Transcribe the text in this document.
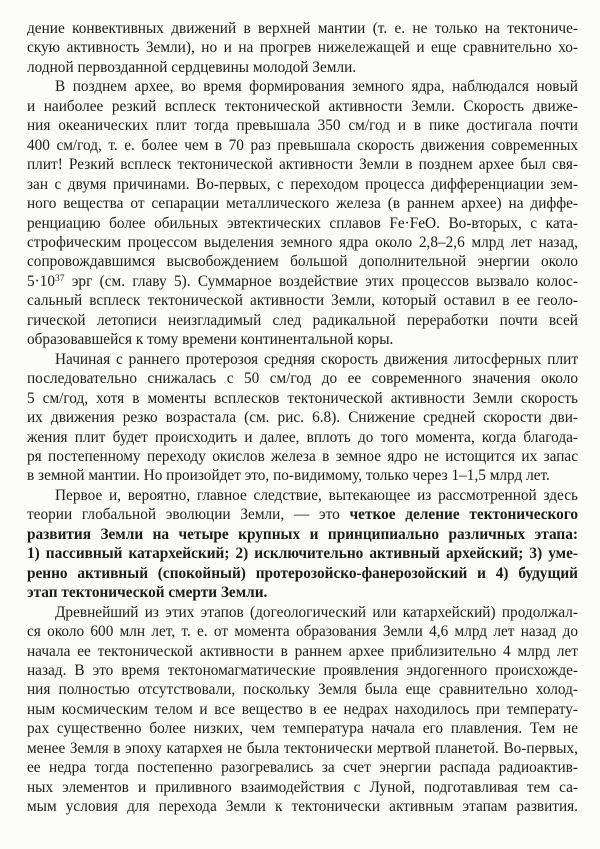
дение конвективных движений в верхней мантии (т. е. не только на тектониче-
скую активность Земли), но и на прогрев нижележащей и еще сравнительно хо-
лодной первозданной сердцевины молодой Земли.
В позднем архее, во время формирования земного ядра, наблюдался новый
и наиболее резкий всплеск тектонической активности Земли. Скорость движе-
ния океанических плит тогда превышала 350 см/год и в пике достигала почти
400 см/год, т. е. более чем в 70 раз превышала скорость движения современных
плит! Резкий всплеск тектонической активности Земли в позднем архее был свя-
зан с двумя причинами. Во-первых, с переходом процесса дифференциации зем-
ного вещества от сепарации металлического железа (в раннем архее) на диффе-
ренциацию более обильных эвтектических сплавов Fe·FeO. Во-вторых, с ката-
строфическим процессом выделения земного ядра около 2,8–2,6 млрд лет назад,
сопровождавшимся высвобождением большой дополнительной энергии около
$5\cdot 10^{37}$ эрг (см. главу 5). Суммарное воздействие этих процессов вызвало колос-
сальный всплеск тектонической активности Земли, который оставил в ее геоло-
гической летописи неизгладимый след радикальной переработки почти всей
образовавшейся к тому времени континентальной коры.
Начиная с раннего протерозоя средняя скорость движения литосферных плит
последовательно снижалась с 50 см/год до ее современного значения около
5 см/год, хотя в моменты всплесков тектонической активности Земли скорость
их движения резко возрастала (см. рис. 6.8). Снижение средней скорости дви-
жения плит будет происходить и далее, вплоть до того момента, когда благода-
ря постепенному переходу окислов железа в земное ядро не истощится их запас
в земной мантии. Но произойдет это, по-видимому, только через 1–1,5 млрд лет.
Первое и, вероятно, главное следствие, вытекающее из рассмотренной здесь
теории глобальной эволюции Земли, — это четкое деление тектонического
развития Земли на четыре крупных и принципиально различных этапа:
1) пассивный катархейский; 2) исключительно активный архейский; 3) уме-
ренно активный (спокойный) протерозойско-фанерозойский и 4) будущий
этап тектонической смерти Земли.
Древнейший из этих этапов (догеологический или катархейский) продолжал-
ся около 600 млн лет, т. е. от момента образования Земли 4,6 млрд лет назад до
начала ее тектонической активности в раннем архее приблизительно 4 млрд лет
назад. В это время тектономагматические проявления эндогенного происхожде-
ния полностью отсутствовали, поскольку Земля была еще сравнительно холод-
ным космическим телом и все вещество в ее недрах находилось при температу-
рах существенно более низких, чем температура начала его плавления. Тем не
менее Земля в эпоху катархея не была тектонически мертвой планетой. Во-первых,
ее недра тогда постепенно разогревались за счет энергии распада радиоактив-
ных элементов и приливного взаимодействия с Луной, подготавливая тем са-
мым условия для перехода Земли к тектонически активным этапам развития.
